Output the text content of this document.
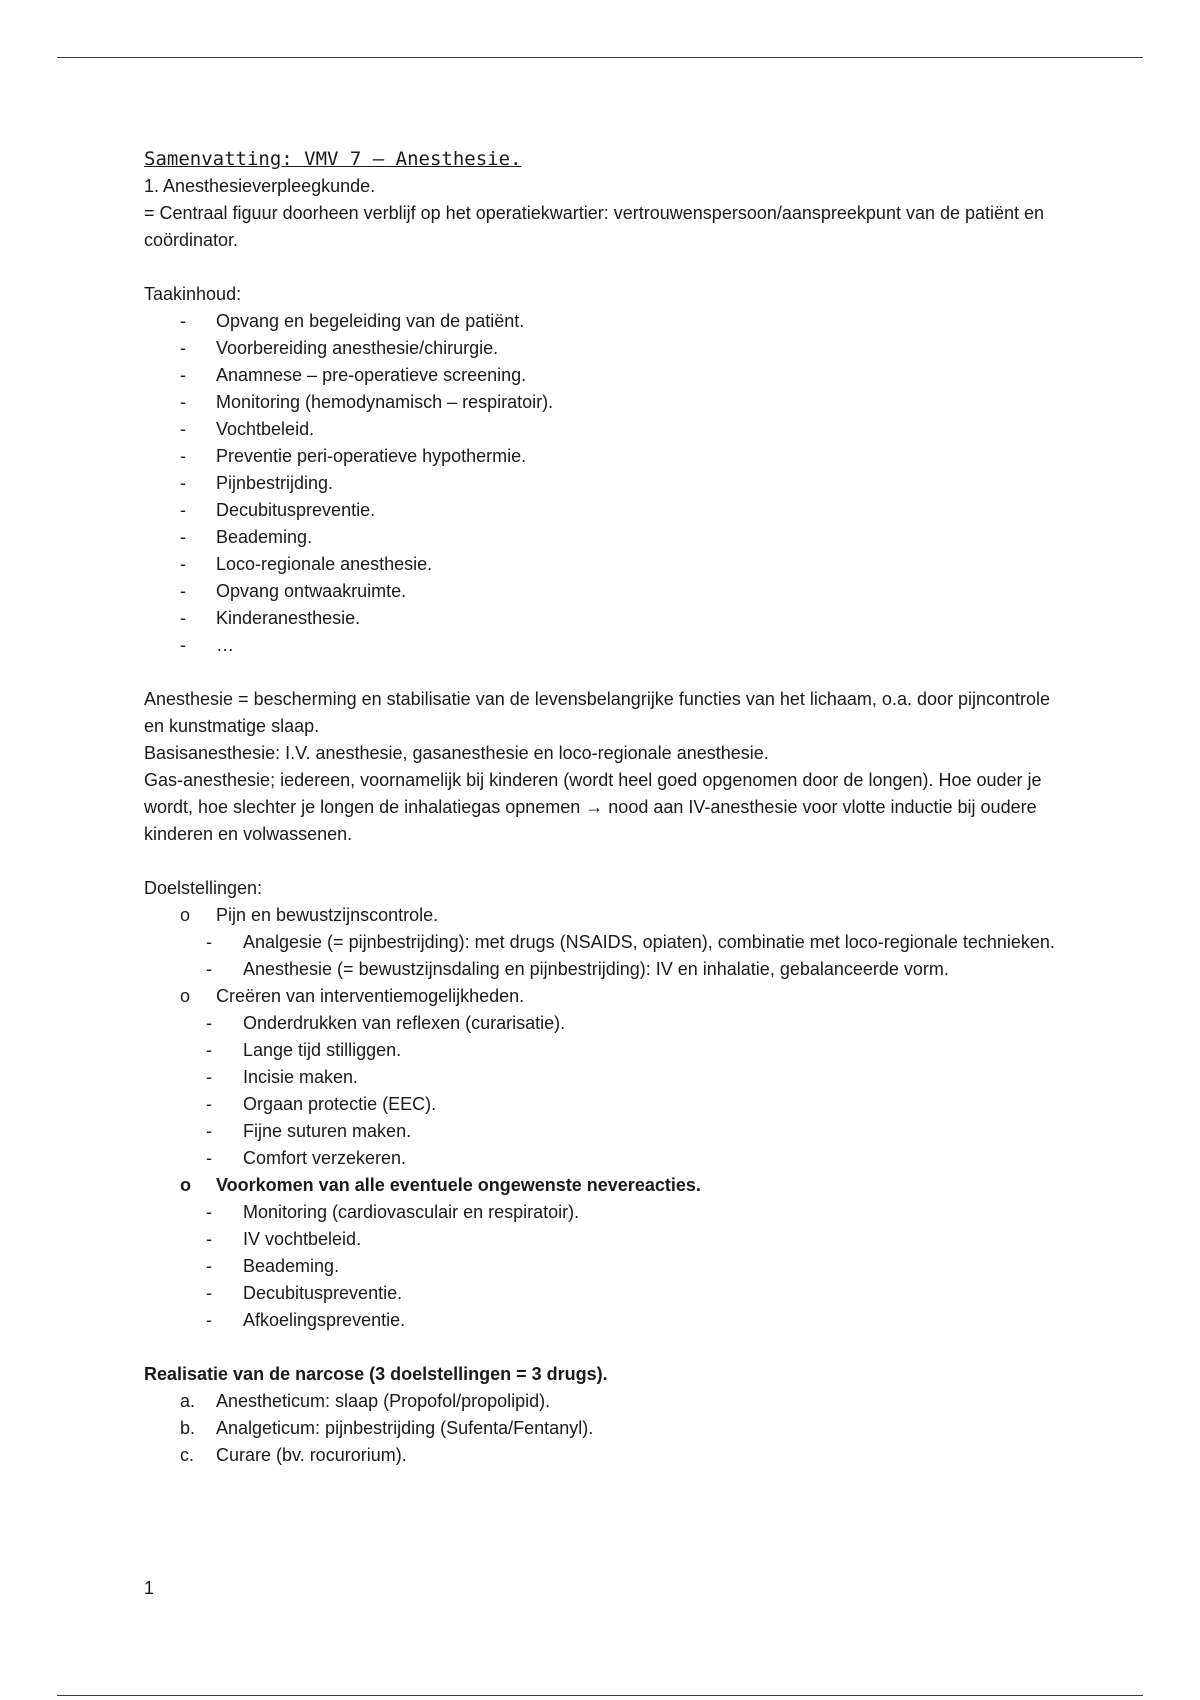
Samenvatting: VMV 7 – Anesthesie.

1. Anesthesieverpleegkunde.

= Centraal figuur doorheen verblijf op het operatiekwartier: vertrouwenspersoon/aanspreekpunt van de patiënt en coördinator.

Taakinhoud:

- Opvang en begeleiding van de patiënt.
- Voorbereiding anesthesie/chirurgie.
- Anamnese – pre-operatieve screening.
- Monitoring (hemodynamisch – respiratoir).
- Vochtbeleid.
- Preventie peri-operatieve hypothermie.
- Pijnbestrijding.
- Decubituspreventie.
- Beademing.
- Loco-regionale anesthesie.
- Opvang ontwaakruimte.
- Kinderanesthesie.
- …

Anesthesie = bescherming en stabilisatie van de levensbelangrijke functies van het lichaam, o.a. door pijncontrole en kunstmatige slaap.

Basisanesthesie: I.V. anesthesie, gasanesthesie en loco-regionale anesthesie.

Gas-anesthesie; iedereen, voornamelijk bij kinderen (wordt heel goed opgenomen door de longen). Hoe ouder je wordt, hoe slechter je longen de inhalatiegas opnemen → nood aan IV-anesthesie voor vlotte inductie bij oudere kinderen en volwassenen.

Doelstellingen:

o Pijn en bewustzijnscontrole.
- Analgesie (= pijnbestrijding): met drugs (NSAIDS, opiaten), combinatie met loco-regionale technieken.
- Anesthesie (= bewustzijnsdaling en pijnbestrijding): IV en inhalatie, gebalanceerde vorm.
o Creëren van interventiemogelijkheden.
- Onderdrukken van reflexen (curarisatie).
- Lange tijd stilliggen.
- Incisie maken.
- Orgaan protectie (EEC).
- Fijne suturen maken.
- Comfort verzekeren.
o Voorkomen van alle eventuele ongewenste nevereacties.
- Monitoring (cardiovasculair en respiratoir).
- IV vochtbeleid.
- Beademing.
- Decubituspreventie.
- Afkoelingspreventie.

Realisatie van de narcose (3 doelstellingen = 3 drugs).

a. Anestheticum: slaap (Propofol/propolipid).
b. Analgeticum: pijnbestrijding (Sufenta/Fentanyl).
c. Curare (bv. rocurorium).
1
